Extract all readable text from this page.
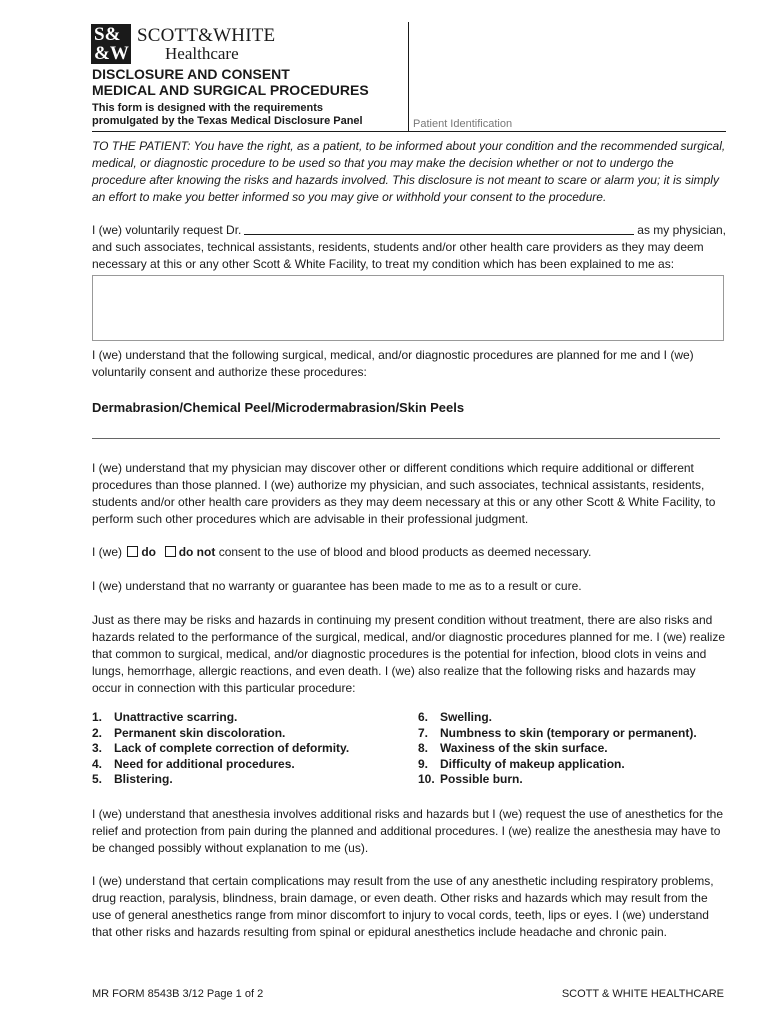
S&
&W
SCOTT&WHITE
Healthcare
DISCLOSURE AND CONSENT
MEDICAL AND SURGICAL PROCEDURES
This form is designed with the requirements
promulgated by the Texas Medical Disclosure Panel	Patient Identification
TO THE PATIENT: You have the right, as a patient, to be informed about your condition and the recommended surgical, medical, or diagnostic procedure to be used so that you may make the decision whether or not to undergo the procedure after knowing the risks and hazards involved. This disclosure is not meant to scare or alarm you; it is simply an effort to make you better informed so you may give or withhold your consent to the procedure.
I (we) voluntarily request Dr.	as my physician,
and such associates, technical assistants, residents, students and/or other health care providers as they may deem necessary at this or any other Scott & White Facility, to treat my condition which has been explained to me as:
I (we) understand that the following surgical, medical, and/or diagnostic procedures are planned for me and I (we) voluntarily consent and authorize these procedures:
Dermabrasion/Chemical Peel/Microdermabrasion/Skin Peels
I (we) understand that my physician may discover other or different conditions which require additional or different procedures than those planned. I (we) authorize my physician, and such associates, technical assistants, residents, students and/or other health care providers as they may deem necessary at this or any other Scott & White Facility, to perform such other procedures which are advisable in their professional judgment.
I (we) do do not consent to the use of blood and blood products as deemed necessary.
I (we) understand that no warranty or guarantee has been made to me as to a result or cure.
Just as there may be risks and hazards in continuing my present condition without treatment, there are also risks and hazards related to the performance of the surgical, medical, and/or diagnostic procedures planned for me. I (we) realize that common to surgical, medical, and/or diagnostic procedures is the potential for infection, blood clots in veins and lungs, hemorrhage, allergic reactions, and even death. I (we) also realize that the following risks and hazards may occur in connection with this particular procedure:
1. Unattractive scarring.
2. Permanent skin discoloration.
3. Lack of complete correction of deformity.
4. Need for additional procedures.
5. Blistering.
6. Swelling.
7. Numbness to skin (temporary or permanent).
8. Waxiness of the skin surface.
9. Difficulty of makeup application.
10. Possible burn.
I (we) understand that anesthesia involves additional risks and hazards but I (we) request the use of anesthetics for the relief and protection from pain during the planned and additional procedures. I (we) realize the anesthesia may have to be changed possibly without explanation to me (us).
I (we) understand that certain complications may result from the use of any anesthetic including respiratory problems, drug reaction, paralysis, blindness, brain damage, or even death. Other risks and hazards which may result from the use of general anesthetics range from minor discomfort to injury to vocal cords, teeth, lips or eyes. I (we) understand that other risks and hazards resulting from spinal or epidural anesthetics include headache and chronic pain.
MR FORM 8543B 3/12 Page 1 of 2	SCOTT & WHITE HEALTHCARE
